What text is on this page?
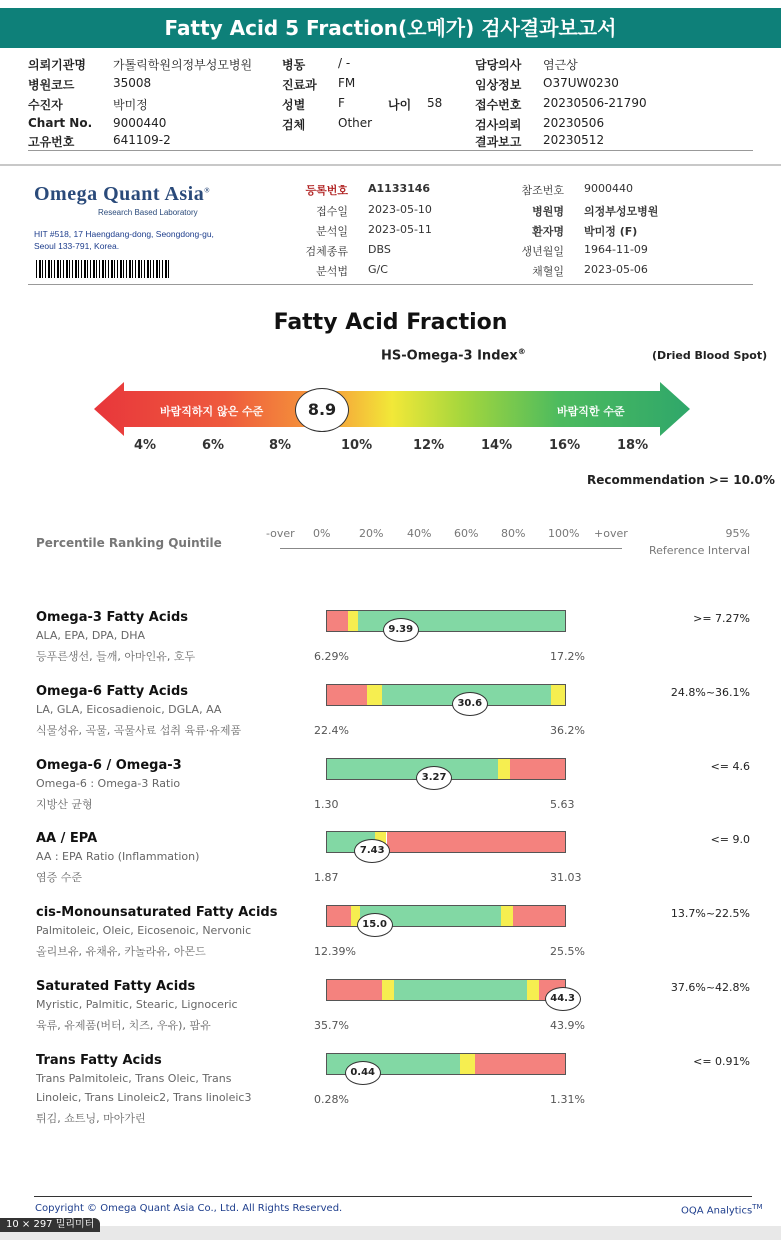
Fatty Acid 5 Fraction(오메가) 검사결과보고서
의뢰기관명 가톨릭학원의정부성모병원
병원코드	35008
수진자	박미정
Chart No. 9000440
고유번호	641109-2
병동	/ -
진료과 FM
성별	F
검체	Other
나이 58
담당의사 염근상
임상정보 O37UW0230
접수번호 20230506-21790
검사의뢰 20230506
결과보고 20230512
Omega Quant Asia®
Research Based Laboratory
HIT #518, 17 Haengdang-dong, Seongdong-gu,
Seoul 133-791, Korea.
등록번호 A1133146
접수일 2023-05-10
분석일 2023-05-11
검체종류 DBS
분석법 G/C
참조번호 9000440
병원명 의정부성모병원
환자명 박미정 (F)
생년월일 1964-11-09
채혈일 2023-05-06
Fatty Acid Fraction
HS-Omega-3 Index®	(Dried Blood Spot)
바람직하지 않은 수준	바람직한 수준
8.9
4%	6%	8%	10%	12%	14%	16%	18%
Recommendation >= 10.0%
Percentile Ranking Quintile
-over 0%	20% 40% 60% 80% 100% +over	95%
Reference Interval
Omega-3 Fatty Acids
ALA, EPA, DPA, DHA
등푸른생선, 들깨, 아마인유, 호두
9.39
6.29%	17.2%
>= 7.27%
Omega-6 Fatty Acids
LA, GLA, Eicosadienoic, DGLA, AA
식물성유, 곡물, 곡물사료 섭취 육류·유제품
30.6
22.4%	36.2%
24.8%~36.1%
Omega-6 / Omega-3
Omega-6 : Omega-3 Ratio
지방산 균형
3.27
1.30	5.63
<= 4.6
AA / EPA
AA : EPA Ratio (Inflammation)
염증 수준
7.43
1.87	31.03
<= 9.0
cis-Monounsaturated Fatty Acids
Palmitoleic, Oleic, Eicosenoic, Nervonic
올리브유, 유채유, 카놀라유, 아몬드
15.0
12.39%	25.5%
13.7%~22.5%
Saturated Fatty Acids
Myristic, Palmitic, Stearic, Lignoceric
육류, 유제품(버터, 치즈, 우유), 팜유
44.3
35.7%	43.9%
37.6%~42.8%
Trans Fatty Acids
Trans Palmitoleic, Trans Oleic, Trans
Linoleic, Trans Linoleic2, Trans linoleic3
튀김, 쇼트닝, 마아가린
0.44
0.28%	1.31%
<= 0.91%
Copyright © Omega Quant Asia Co., Ltd. All Rights Reserved.	OQA Analytics™
10 × 297 밀리미터
